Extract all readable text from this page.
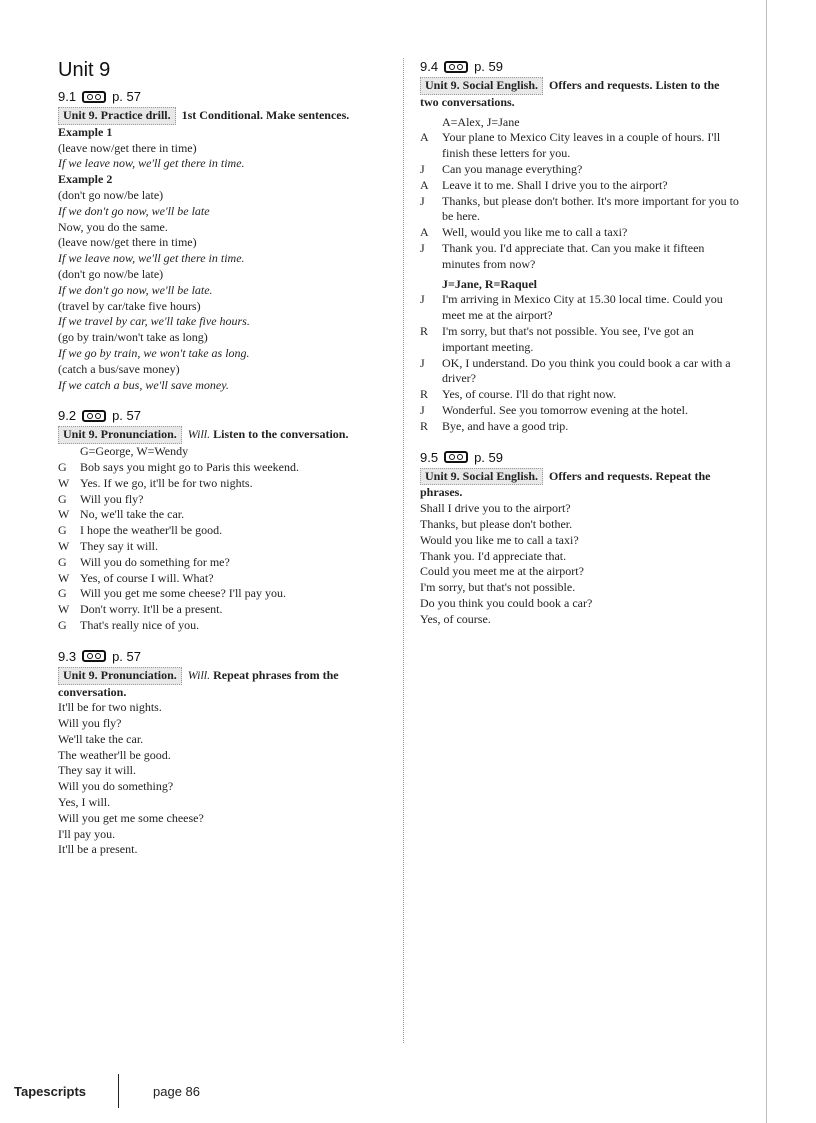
Unit 9
9.1	p. 57
Unit 9. Practice drill. 1st Conditional. Make sentences.
Example 1
(leave now/get there in time)
If we leave now, we'll get there in time.
Example 2
(don't go now/be late)
If we don't go now, we'll be late
Now, you do the same.
(leave now/get there in time)
If we leave now, we'll get there in time.
(don't go now/be late)
If we don't go now, we'll be late.
(travel by car/take five hours)
If we travel by car, we'll take five hours.
(go by train/won't take as long)
If we go by train, we won't take as long.
(catch a bus/save money)
If we catch a bus, we'll save money.
9.2	p. 57
Unit 9. Pronunciation. Will. Listen to the conversation.
G=George, W=Wendy
G	Bob says you might go to Paris this weekend.
W Yes. If we go, it'll be for two nights.
G	Will you fly?
W No, we'll take the car.
G	I hope the weather'll be good.
W They say it will.
G	Will you do something for me?
W Yes, of course I will. What?
G	Will you get me some cheese? I'll pay you.
W Don't worry. It'll be a present.
G	That's really nice of you.
9.3	p. 57
Unit 9. Pronunciation. Will. Repeat phrases from the conversation.
It'll be for two nights.
Will you fly?
We'll take the car.
The weather'll be good.
They say it will.
Will you do something?
Yes, I will.
Will you get me some cheese?
I'll pay you.
It'll be a present.
9.4	p. 59
Unit 9. Social English. Offers and requests. Listen to the two conversations.
A=Alex, J=Jane
A	Your plane to Mexico City leaves in a couple of hours. I'll finish these letters for you.
J	Can you manage everything?
A	Leave it to me. Shall I drive you to the airport?
J	Thanks, but please don't bother. It's more important for you to be here.
A	Well, would you like me to call a taxi?
J	Thank you. I'd appreciate that. Can you make it fifteen minutes from now?
J=Jane, R=Raquel
J	I'm arriving in Mexico City at 15.30 local time. Could you meet me at the airport?
R	I'm sorry, but that's not possible. You see, I've got an important meeting.
J	OK, I understand. Do you think you could book a car with a driver?
R	Yes, of course. I'll do that right now.
J	Wonderful. See you tomorrow evening at the hotel.
R	Bye, and have a good trip.
9.5	p. 59
Unit 9. Social English. Offers and requests. Repeat the phrases.
Shall I drive you to the airport?
Thanks, but please don't bother.
Would you like me to call a taxi?
Thank you. I'd appreciate that.
Could you meet me at the airport?
I'm sorry, but that's not possible.
Do you think you could book a car?
Yes, of course.
Tapescripts	page 86
